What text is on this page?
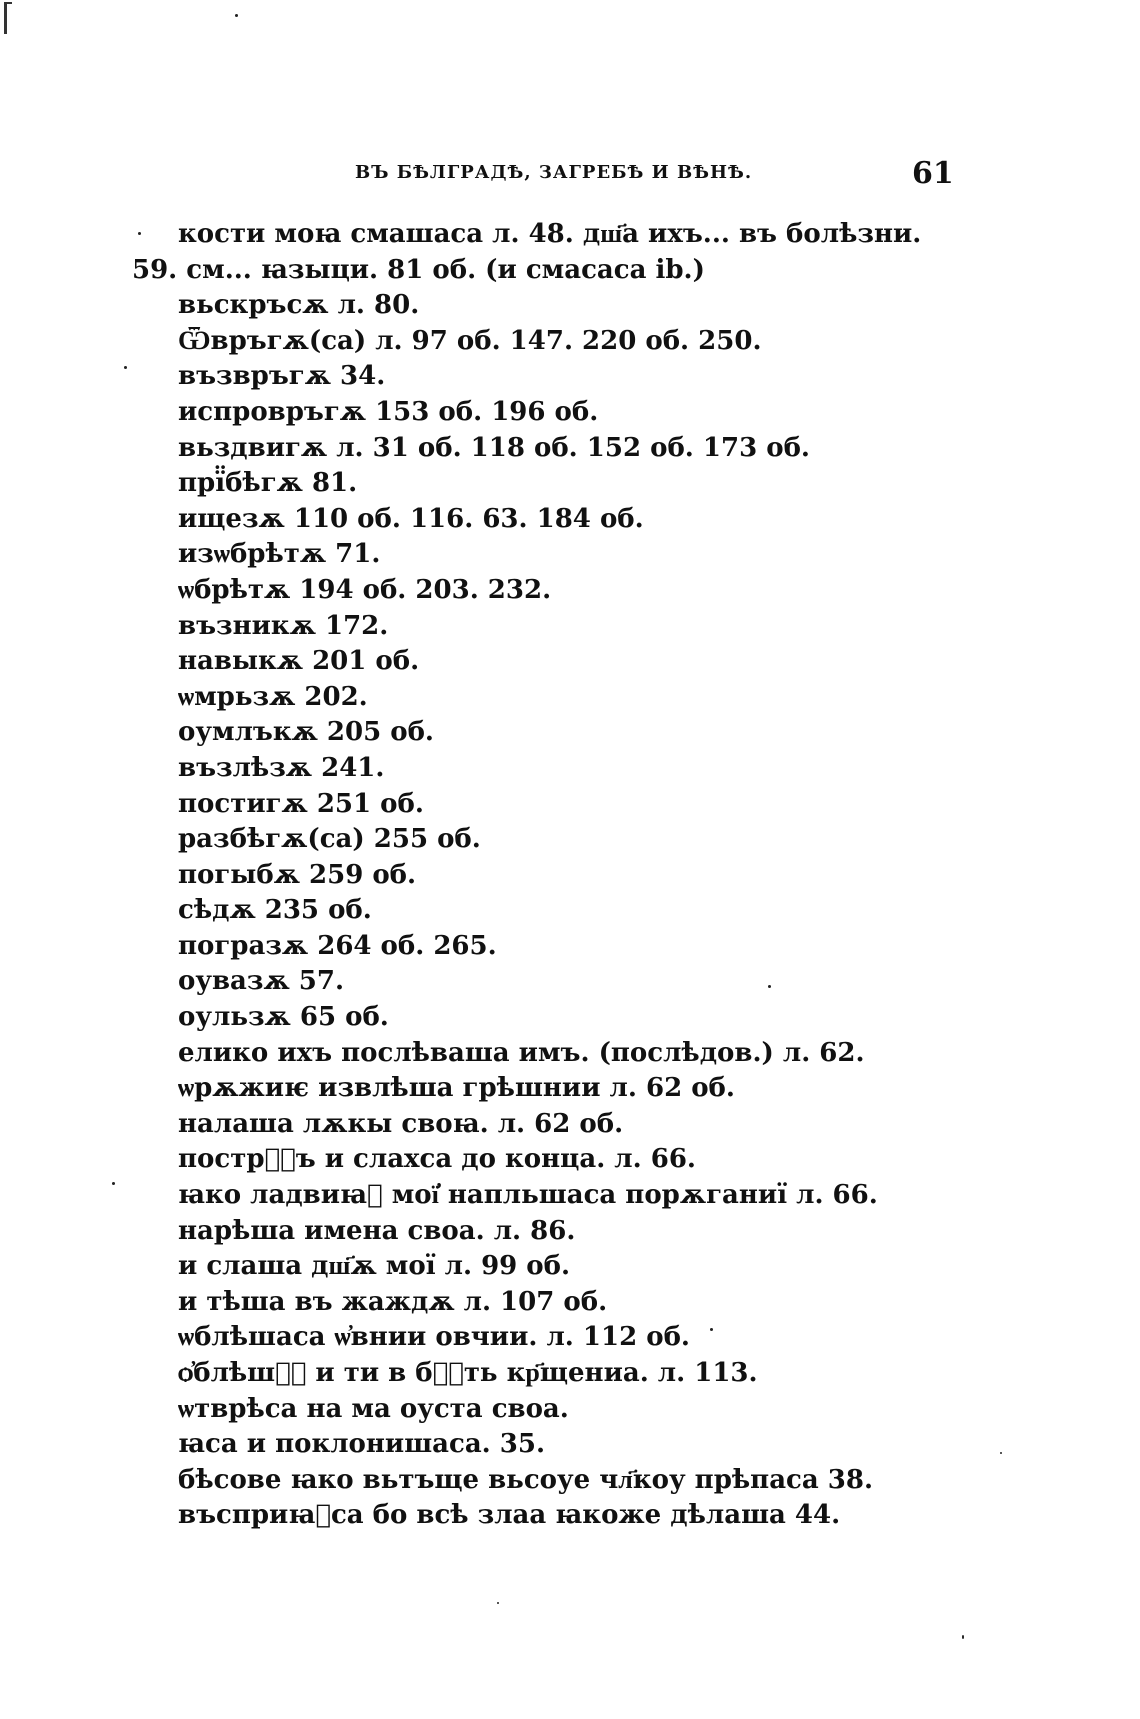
ВЪ БѢЛГРАДѢ, ЗАГРЕБѢ И ВѢНѢ.	61
кости моꙗ смашаса л. 48. дш҃а ихъ... въ болѣзни.
59. см... ꙗзыци. 81 об. (и смасаса ib.)
вьскръсѫ л. 80.
Ѿвръгѫ(са) л. 97 об. 147. 220 об. 250.
възвръгѫ 34.
испровръгѫ 153 об. 196 об.
вьздвигѫ л. 31 об. 118 об. 152 об. 173 об.
прї̈бѣгѫ 81.
ищезѫ 110 об. 116. 63. 184 об.
изѡбрѣтѫ 71.
ѡбрѣтѫ 194 об. 203. 232.
възникѫ 172.
навыкѫ 201 об.
ѡмрьзѫ 202.
оумлъкѫ 205 об.
възлѣзѫ 241.
постигѫ 251 об.
разбѣгѫ(са) 255 об.
погыбѫ 259 об.
сѣдѫ 235 об.
погразѫ 264 об. 265.
оувазѫ 57.
оульзѫ 65 об.
елико ихъ послѣваша имъ. (послѣдов.) л. 62.
ѡрѫжиѥ извлѣша грѣшнии л. 62 об.
налаша лѫкы своꙗ. л. 62 об.
пострⷯ҇ъ и слахса до конца. л. 66.
ꙗко ладвиꙗ҇ мої҆ напльшаса порѫганиї л. 66.
нарѣша имена своа. л. 86.
и слаша дш҃ѫ мої л. 99 об.
и тѣша въ жаждѫ л. 107 об.
ѡблѣшаса ѡ҆внии овчии. л. 112 об.
ѻ҆блѣшⷶ҇ и ти в бⷮ҇ть кр҃щениа. л. 113.
ѡтврѣса на ма оуста своа.
ꙗса и поклонишаса. 35.
бѣсове ꙗко вьтъще вьсоуе чл҃коу прѣпаса 38.
въсприꙗ҇са бо всѣ злаа ꙗкоже дѣлаша 44.
